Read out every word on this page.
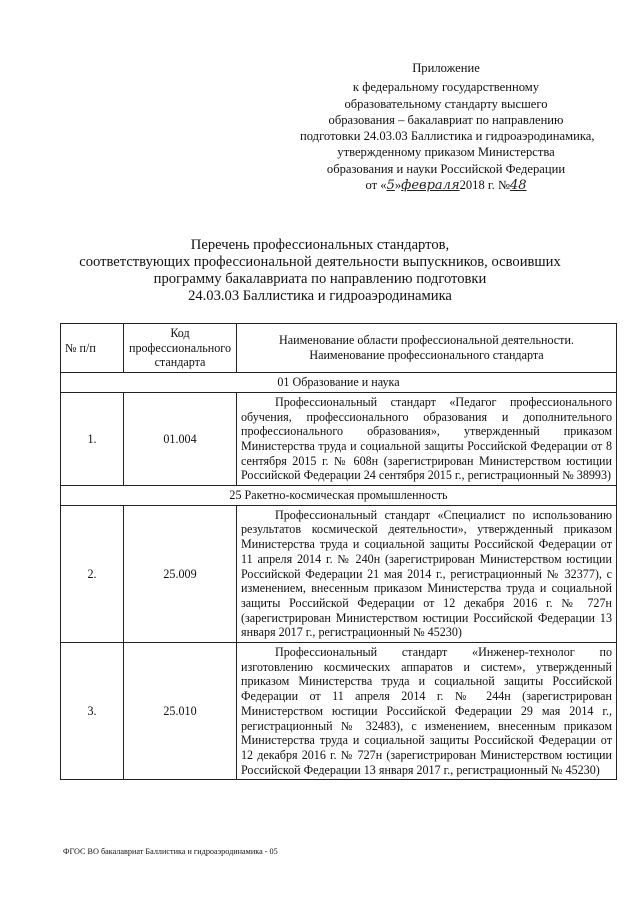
Приложение
к федеральному государственному
образовательному стандарту высшего
образования – бакалавриат по направлению
подготовки 24.03.03 Баллистика и гидроаэродинамика,
утвержденному приказом Министерства
образования и науки Российской Федерации
от «5»февраля2018 г. №48
Перечень профессиональных стандартов,
соответствующих профессиональной деятельности выпускников, освоивших
программу бакалавриата по направлению подготовки
24.03.03 Баллистика и гидроаэродинамика
№ п/п	Код профессионального стандарта	Наименование области профессиональной деятельности. Наименование профессионального стандарта
01 Образование и наука		
1.	01.004	Профессиональный стандарт «Педагог профессионального обучения, профессионального образования и дополнительного профессионального образования», утвержденный приказом Министерства труда и социальной защиты Российской Федерации от 8 сентября 2015 г. № 608н (зарегистрирован Министерством юстиции Российской Федерации 24 сентября 2015 г., регистрационный № 38993)

25 Ракетно-космическая промышленность		
2.	25.009	Профессиональный стандарт «Специалист по использованию результатов космической деятельности», утвержденный приказом Министерства труда и социальной защиты Российской Федерации от 11 апреля 2014 г. № 240н (зарегистрирован Министерством юстиции Российской Федерации 21 мая 2014 г., регистрационный № 32377), с изменением, внесенным приказом Министерства труда и социальной защиты Российской Федерации от 12 декабря 2016 г. № 727н (зарегистрирован Министерством юстиции Российской Федерации 13 января 2017 г., регистрационный № 45230)

3.	25.010	Профессиональный стандарт «Инженер-технолог по изготовлению космических аппаратов и систем», утвержденный приказом Министерства труда и социальной защиты Российской Федерации от 11 апреля 2014 г. № 244н (зарегистрирован Министерством юстиции Российской Федерации 29 мая 2014 г., регистрационный № 32483), с изменением, внесенным приказом Министерства труда и социальной защиты Российской Федерации от 12 декабря 2016 г. № 727н (зарегистрирован Министерством юстиции Российской Федерации 13 января 2017 г., регистрационный № 45230)

ФГОС ВО бакалавриат Баллистика и гидроаэродинамика - 05
